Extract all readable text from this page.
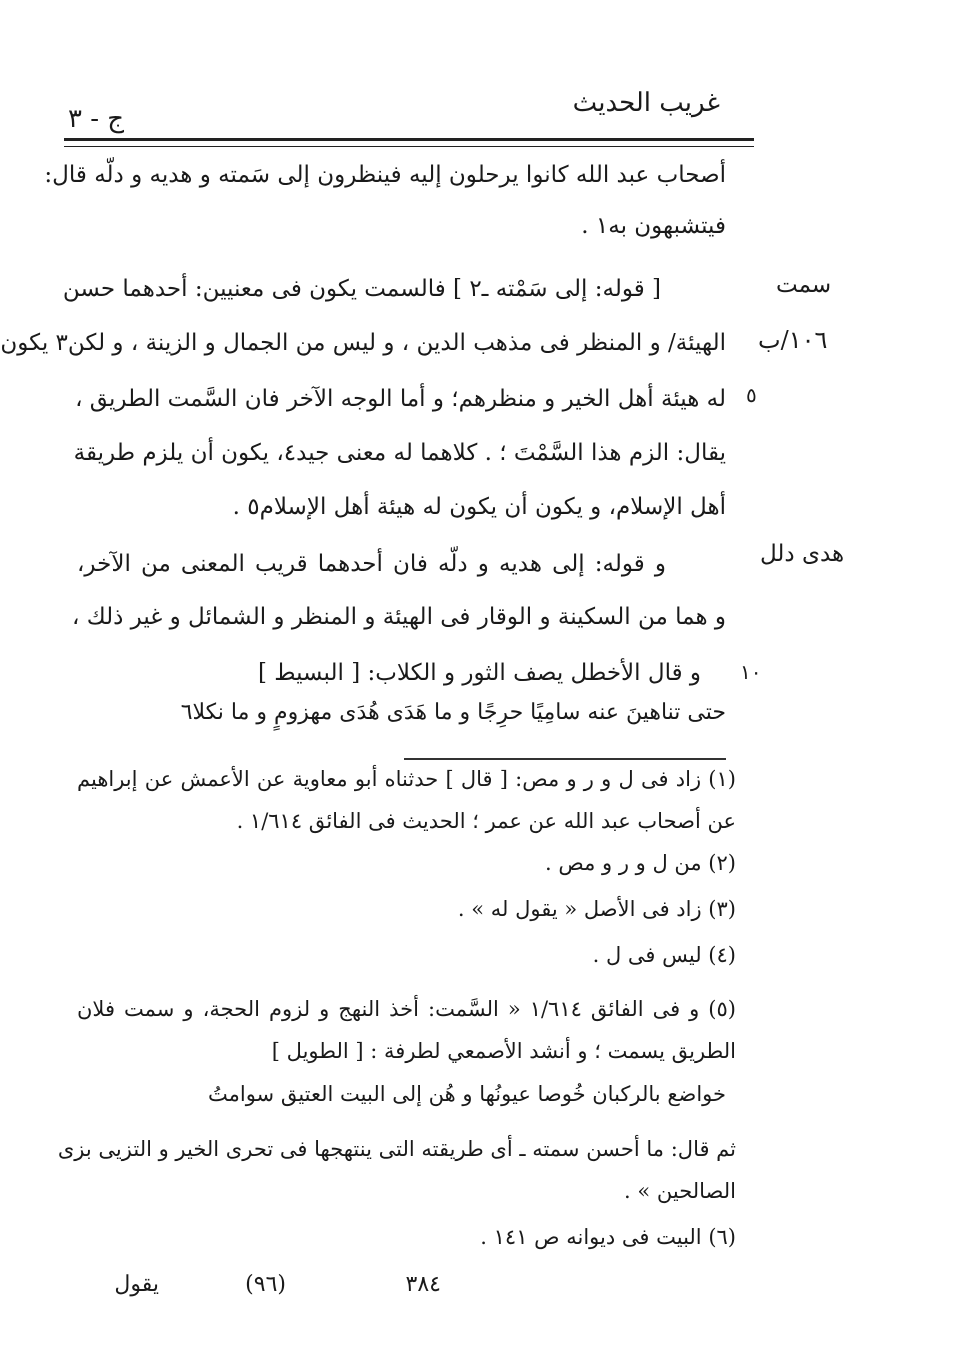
غريب الحديث
ج - ٣
سمت
١٠٦/ب
٥
هدى دلل
١٠
أصحاب عبد الله كانوا يرحلون إليه فينظرون إلى سَمته و هديه و دلّه قال:
فيتشبهون به١ .
[ قوله: إلى سَمْته ـ٢ ] فالسمت يكون فى معنيين: أحدهما حسن
الهيئة/ و المنظر فى مذهب الدين ، و ليس من الجمال و الزينة ، و لكن٣ يكون
له هيئة أهل الخير و منظرهم؛ و أما الوجه الآخر فان السَّمت الطريق ،
يقال: الزم هذا السَّمْتَ ؛ . كلاهما له معنى جيد٤، يكون أن يلزم طريقة
أهل الإسلام، و يكون أن يكون له هيئة أهل الإسلام٥ .
و قوله: إلى هديه و دلّه فان أحدهما قريب المعنى من الآخر،
و هما من السكينة و الوقار فى الهيئة و المنظر و الشمائل و غير ذلك ،
و قال الأخطل يصف الثور و الكلاب: [ البسيط ]
حتى تناهينَ عنه سامِيًا حرِجًا و ما هَدَى هُدَى مهزومٍ و ما نكلا٦
(١) زاد فى ل و ر و مص: [ قال ] حدثناه أبو معاوية عن الأعمش عن إبراهيم
عن أصحاب عبد الله عن عمر ؛ الحديث فى الفائق ١/٦١٤ .
(٢) من ل و ر و مص .
(٣) زاد فى الأصل « يقول له » .
(٤) ليس فى ل .
(٥) و فى الفائق ١/٦١٤ « السَّمت: أخذ النهج و لزوم الحجة، و سمت فلان
الطريق يسمت ؛ و أنشد الأصمعي لطرفة : [ الطويل ]
خواضع بالركبان خُوصا عيونُها و هُن إلى البيت العتيق سوامتُ
ثم قال: ما أحسن سمته ـ أى طريقته التى ينتهجها فى تحرى الخير و التزيى بزى
الصالحين » .
(٦) البيت فى ديوانه ص ١٤١ .
٣٨٤
(٩٦)
يقول
